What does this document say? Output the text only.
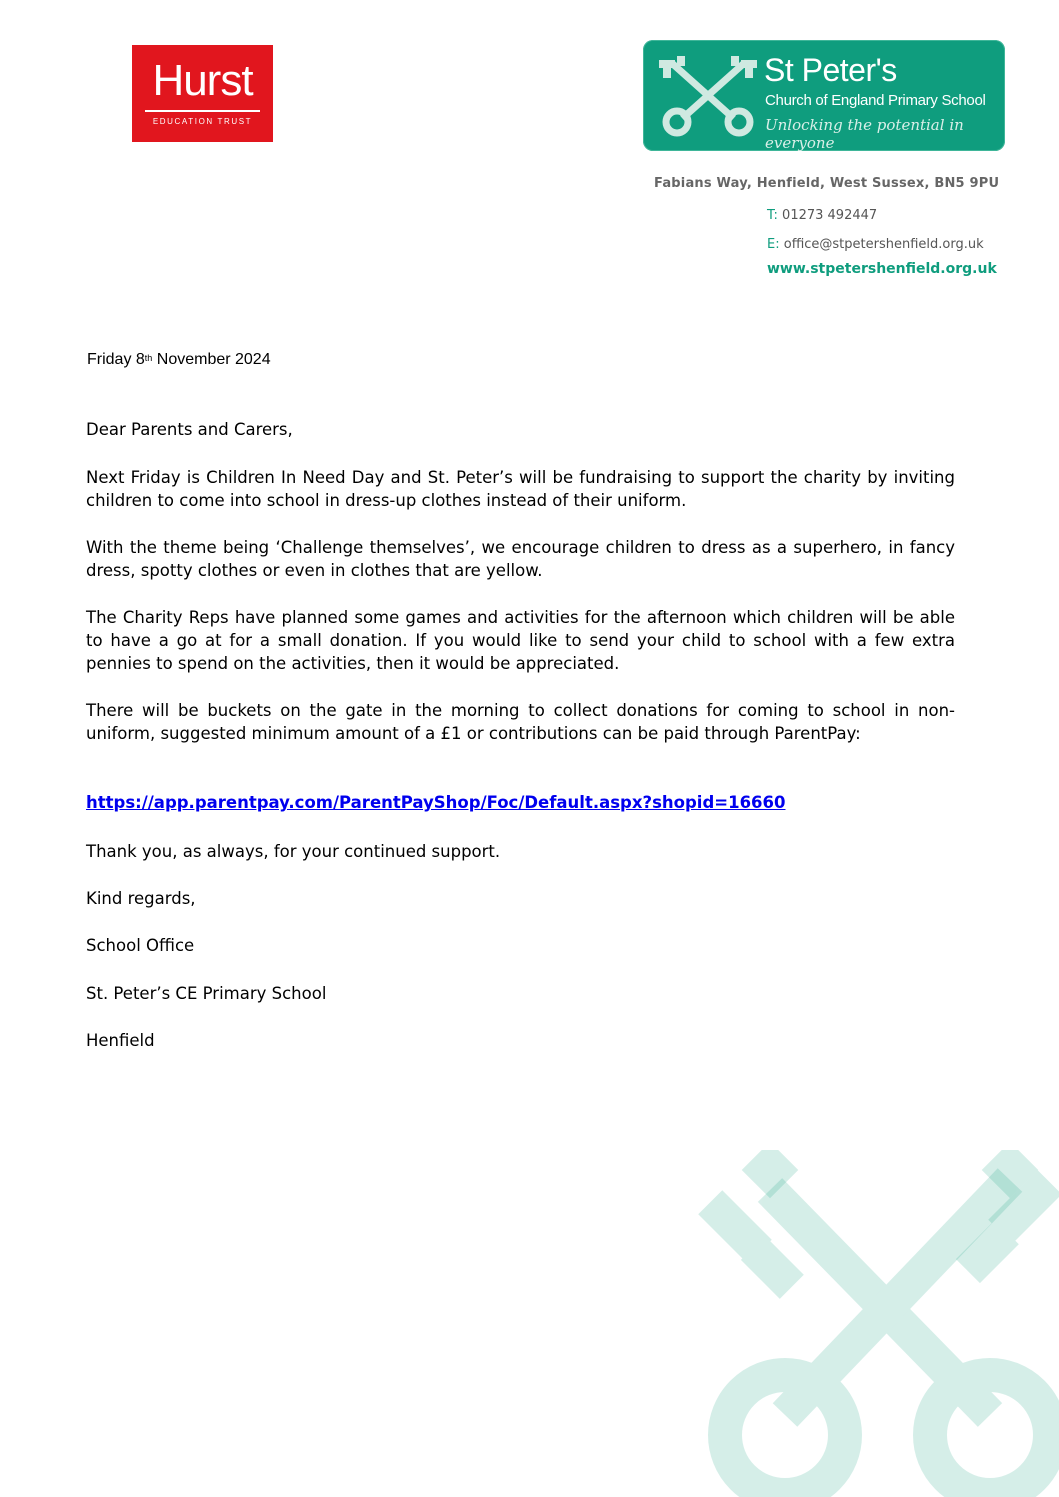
Hurst
EDUCATION TRUST
St Peter's
Church of England Primary School
Unlocking the potential in everyone
Fabians Way, Henfield, West Sussex, BN5 9PU
T: 01273 492447
E: office@stpetershenfield.org.uk
www.stpetershenfield.org.uk
Friday 8th November 2024

Dear Parents and Carers,

Next Friday is Children In Need Day and St. Peter’s will be fundraising to support the charity by inviting children to come into school in dress-up clothes instead of their uniform.

With the theme being ‘Challenge themselves’, we encourage children to dress as a superhero, in fancy dress, spotty clothes or even in clothes that are yellow.

The Charity Reps have planned some games and activities for the afternoon which children will be able to have a go at for a small donation. If you would like to send your child to school with a few extra pennies to spend on the activities, then it would be appreciated.

There will be buckets on the gate in the morning to collect donations for coming to school in non-uniform, suggested minimum amount of a £1 or contributions can be paid through ParentPay:

https://app.parentpay.com/ParentPayShop/Foc/Default.aspx?shopid=16660

Thank you, as always, for your continued support.

Kind regards,

School Office

St. Peter’s CE Primary School

Henfield
